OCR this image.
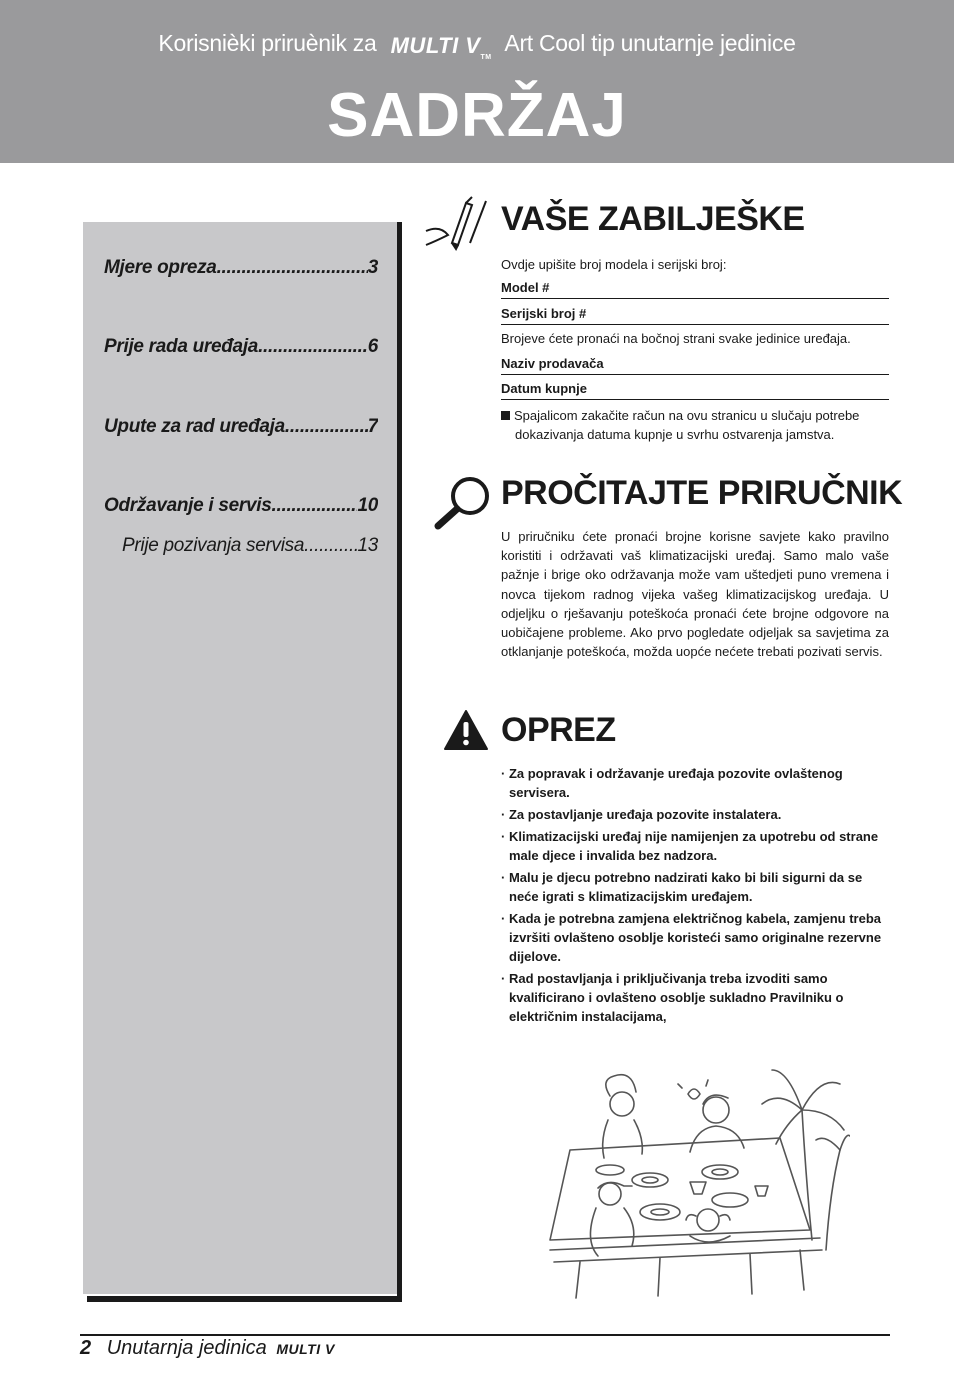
Korisnièki priruènik za MULTI $V_{TM}$ Art Cool tip unutarnje jedinice
SADRŽAJ
Mjere opreza .....	3
Prije rada uređaja .....	6
Upute za rad uređaja .....	7
Održavanje i servis .....	10
Prije pozivanja servisa .....	13
VAŠE ZABILJEŠKE
Ovdje upišite broj modela i serijski broj:
Model #
Serijski broj #
Brojeve ćete pronaći na bočnoj strani svake jedinice uređaja.
Naziv prodavača
Datum kupnje
Spajalicom zakačite račun na ovu stranicu u slučaju potrebe
dokazivanja datuma kupnje u svrhu ostvarenja jamstva.
PROČITAJTE PRIRUČNIK
U priručniku ćete pronaći brojne korisne savjete kako pravilno koristiti i održavati vaš klimatizacijski uređaj. Samo malo vaše pažnje i brige oko održavanja može vam uštedjeti puno vremena i novca tijekom radnog vijeka vašeg klimatizacijskog uređaja. U odjeljku o rješavanju poteškoća pronaći ćete brojne odgovore na uobičajene probleme. Ako prvo pogledate odjeljak sa savjetima za otklanjanje poteškoća, možda uopće nećete trebati pozivati servis.
OPREZ
· Za popravak i održavanje uređaja pozovite ovlaštenog servisera.
· Za postavljanje uređaja pozovite instalatera.
· Klimatizacijski uređaj nije namijenjen za upotrebu od strane male djece i invalida bez nadzora.
· Malu je djecu potrebno nadzirati kako bi bili sigurni da se neće igrati s klimatizacijskim uređajem.
· Kada je potrebna zamjena električnog kabela, zamjenu treba izvršiti ovlašteno osoblje koristeći samo originalne rezervne dijelove.
· Rad postavljanja i priključivanja treba izvoditi samo kvalificirano i ovlašteno osoblje sukladno Pravilniku o električnim instalacijama,
2 Unutarnja jedinica MULTI V
